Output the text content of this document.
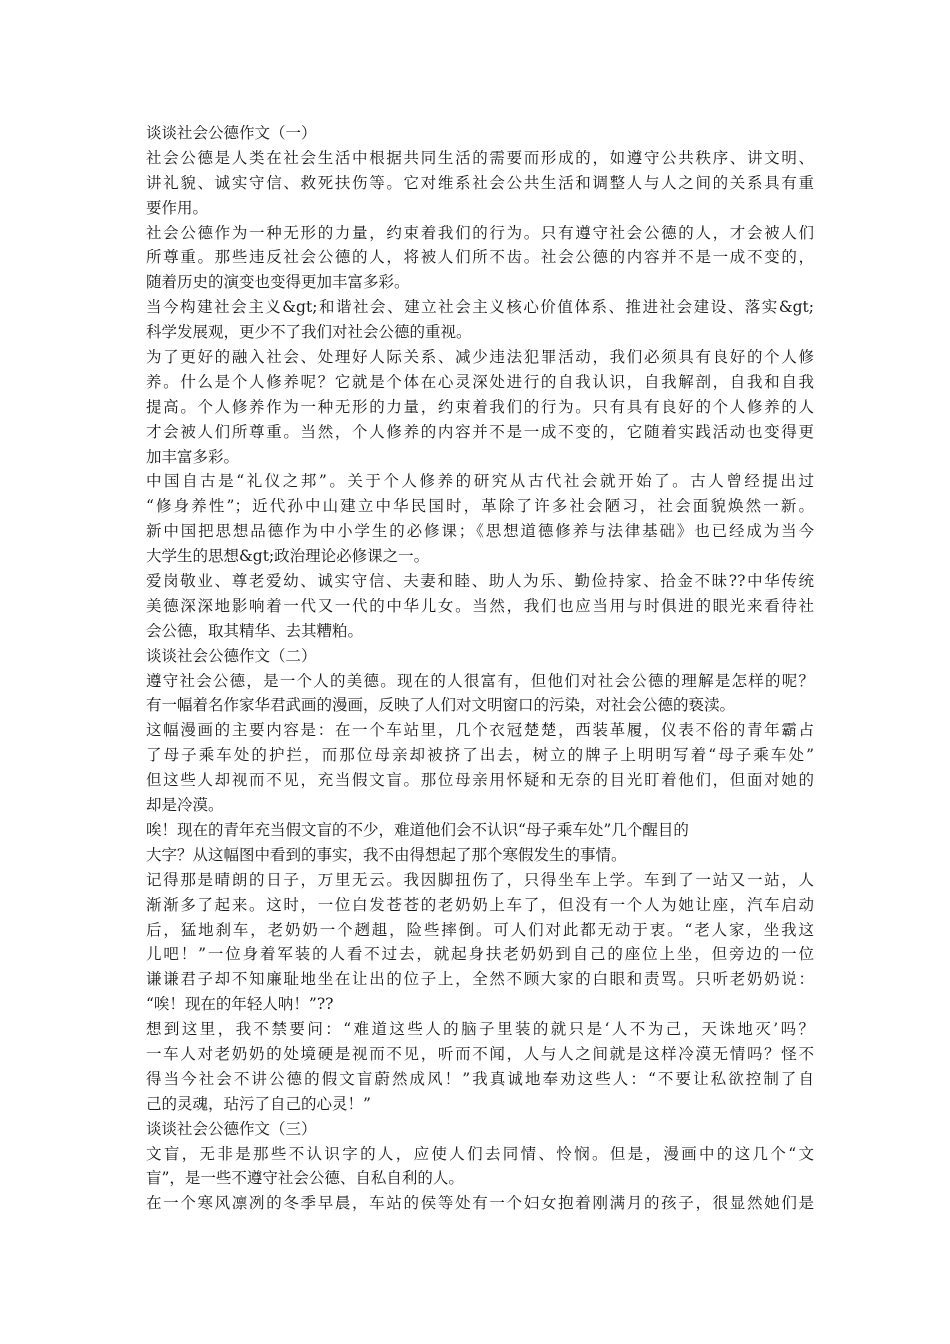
谈谈社会公德作文（一）
社会公德是人类在社会生活中根据共同生活的需要而形成的，如遵守公共秩序、讲文明、
讲礼貌、诚实守信、救死扶伤等。它对维系社会公共生活和调整人与人之间的关系具有重
要作用。
社会公德作为一种无形的力量，约束着我们的行为。只有遵守社会公德的人，才会被人们
所尊重。那些违反社会公德的人，将被人们所不齿。社会公德的内容并不是一成不变的，
随着历史的演变也变得更加丰富多彩。
当今构建社会主义&gt;和谐社会、建立社会主义核心价值体系、推进社会建设、落实&gt;
科学发展观，更少不了我们对社会公德的重视。
为了更好的融入社会、处理好人际关系、减少违法犯罪活动，我们必须具有良好的个人修
养。什么是个人修养呢？它就是个体在心灵深处进行的自我认识，自我解剖，自我和自我
提高。个人修养作为一种无形的力量，约束着我们的行为。只有具有良好的个人修养的人
才会被人们所尊重。当然，个人修养的内容并不是一成不变的，它随着实践活动也变得更
加丰富多彩。
中国自古是“礼仪之邦”。关于个人修养的研究从古代社会就开始了。古人曾经提出过
“修身养性”；近代孙中山建立中华民国时，革除了许多社会陋习，社会面貌焕然一新。
新中国把思想品德作为中小学生的必修课；《思想道德修养与法律基础》也已经成为当今
大学生的思想&gt;政治理论必修课之一。
爱岗敬业、尊老爱幼、诚实守信、夫妻和睦、助人为乐、勤俭持家、拾金不昧??中华传统
美德深深地影响着一代又一代的中华儿女。当然，我们也应当用与时俱进的眼光来看待社
会公德，取其精华、去其糟粕。
谈谈社会公德作文（二）
遵守社会公德，是一个人的美德。现在的人很富有，但他们对社会公德的理解是怎样的呢？
有一幅着名作家华君武画的漫画，反映了人们对文明窗口的污染，对社会公德的亵渎。
这幅漫画的主要内容是：在一个车站里，几个衣冠楚楚，西装革履，仪表不俗的青年霸占
了母子乘车处的护拦，而那位母亲却被挤了出去，树立的牌子上明明写着“母子乘车处”
但这些人却视而不见，充当假文盲。那位母亲用怀疑和无奈的目光盯着他们，但面对她的
却是冷漠。
唉！现在的青年充当假文盲的不少，难道他们会不认识“母子乘车处”几个醒目的
大字？从这幅图中看到的事实，我不由得想起了那个寒假发生的事情。
记得那是晴朗的日子，万里无云。我因脚扭伤了，只得坐车上学。车到了一站又一站，人
渐渐多了起来。这时，一位白发苍苍的老奶奶上车了，但没有一个人为她让座，汽车启动
后，猛地刹车，老奶奶一个趔趄，险些摔倒。可人们对此都无动于衷。“老人家，坐我这
儿吧！”一位身着军装的人看不过去，就起身扶老奶奶到自己的座位上坐，但旁边的一位
谦谦君子却不知廉耻地坐在让出的位子上，全然不顾大家的白眼和责骂。只听老奶奶说：
“唉！现在的年轻人呐！”??
想到这里，我不禁要问：“难道这些人的脑子里装的就只是‘人不为己，天诛地灭’吗？
一车人对老奶奶的处境硬是视而不见，听而不闻，人与人之间就是这样冷漠无情吗？怪不
得当今社会不讲公德的假文盲蔚然成风！”我真诚地奉劝这些人：“不要让私欲控制了自
己的灵魂，玷污了自己的心灵！”
谈谈社会公德作文（三）
文盲，无非是那些不认识字的人，应使人们去同情、怜悯。但是，漫画中的这几个“文
盲”，是一些不遵守社会公德、自私自利的人。
在一个寒风凛冽的冬季早晨，车站的侯等处有一个妇女抱着刚满月的孩子，很显然她们是
